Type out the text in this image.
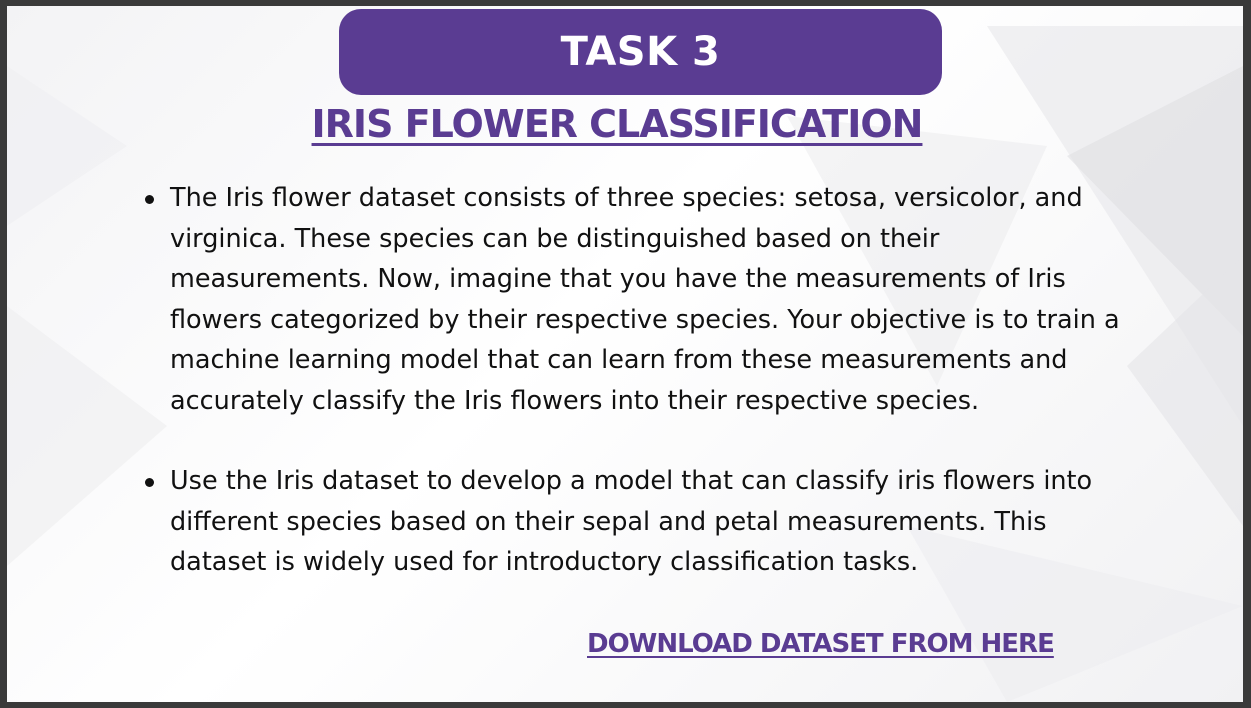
TASK 3
IRIS FLOWER CLASSIFICATION
The Iris flower dataset consists of three species: setosa, versicolor, and virginica. These species can be distinguished based on their measurements. Now, imagine that you have the measurements of Iris flowers categorized by their respective species. Your objective is to train a machine learning model that can learn from these measurements and accurately classify the Iris flowers into their respective species.
Use the Iris dataset to develop a model that can classify iris flowers into different species based on their sepal and petal measurements. This dataset is widely used for introductory classification tasks.
DOWNLOAD DATASET FROM HERE
